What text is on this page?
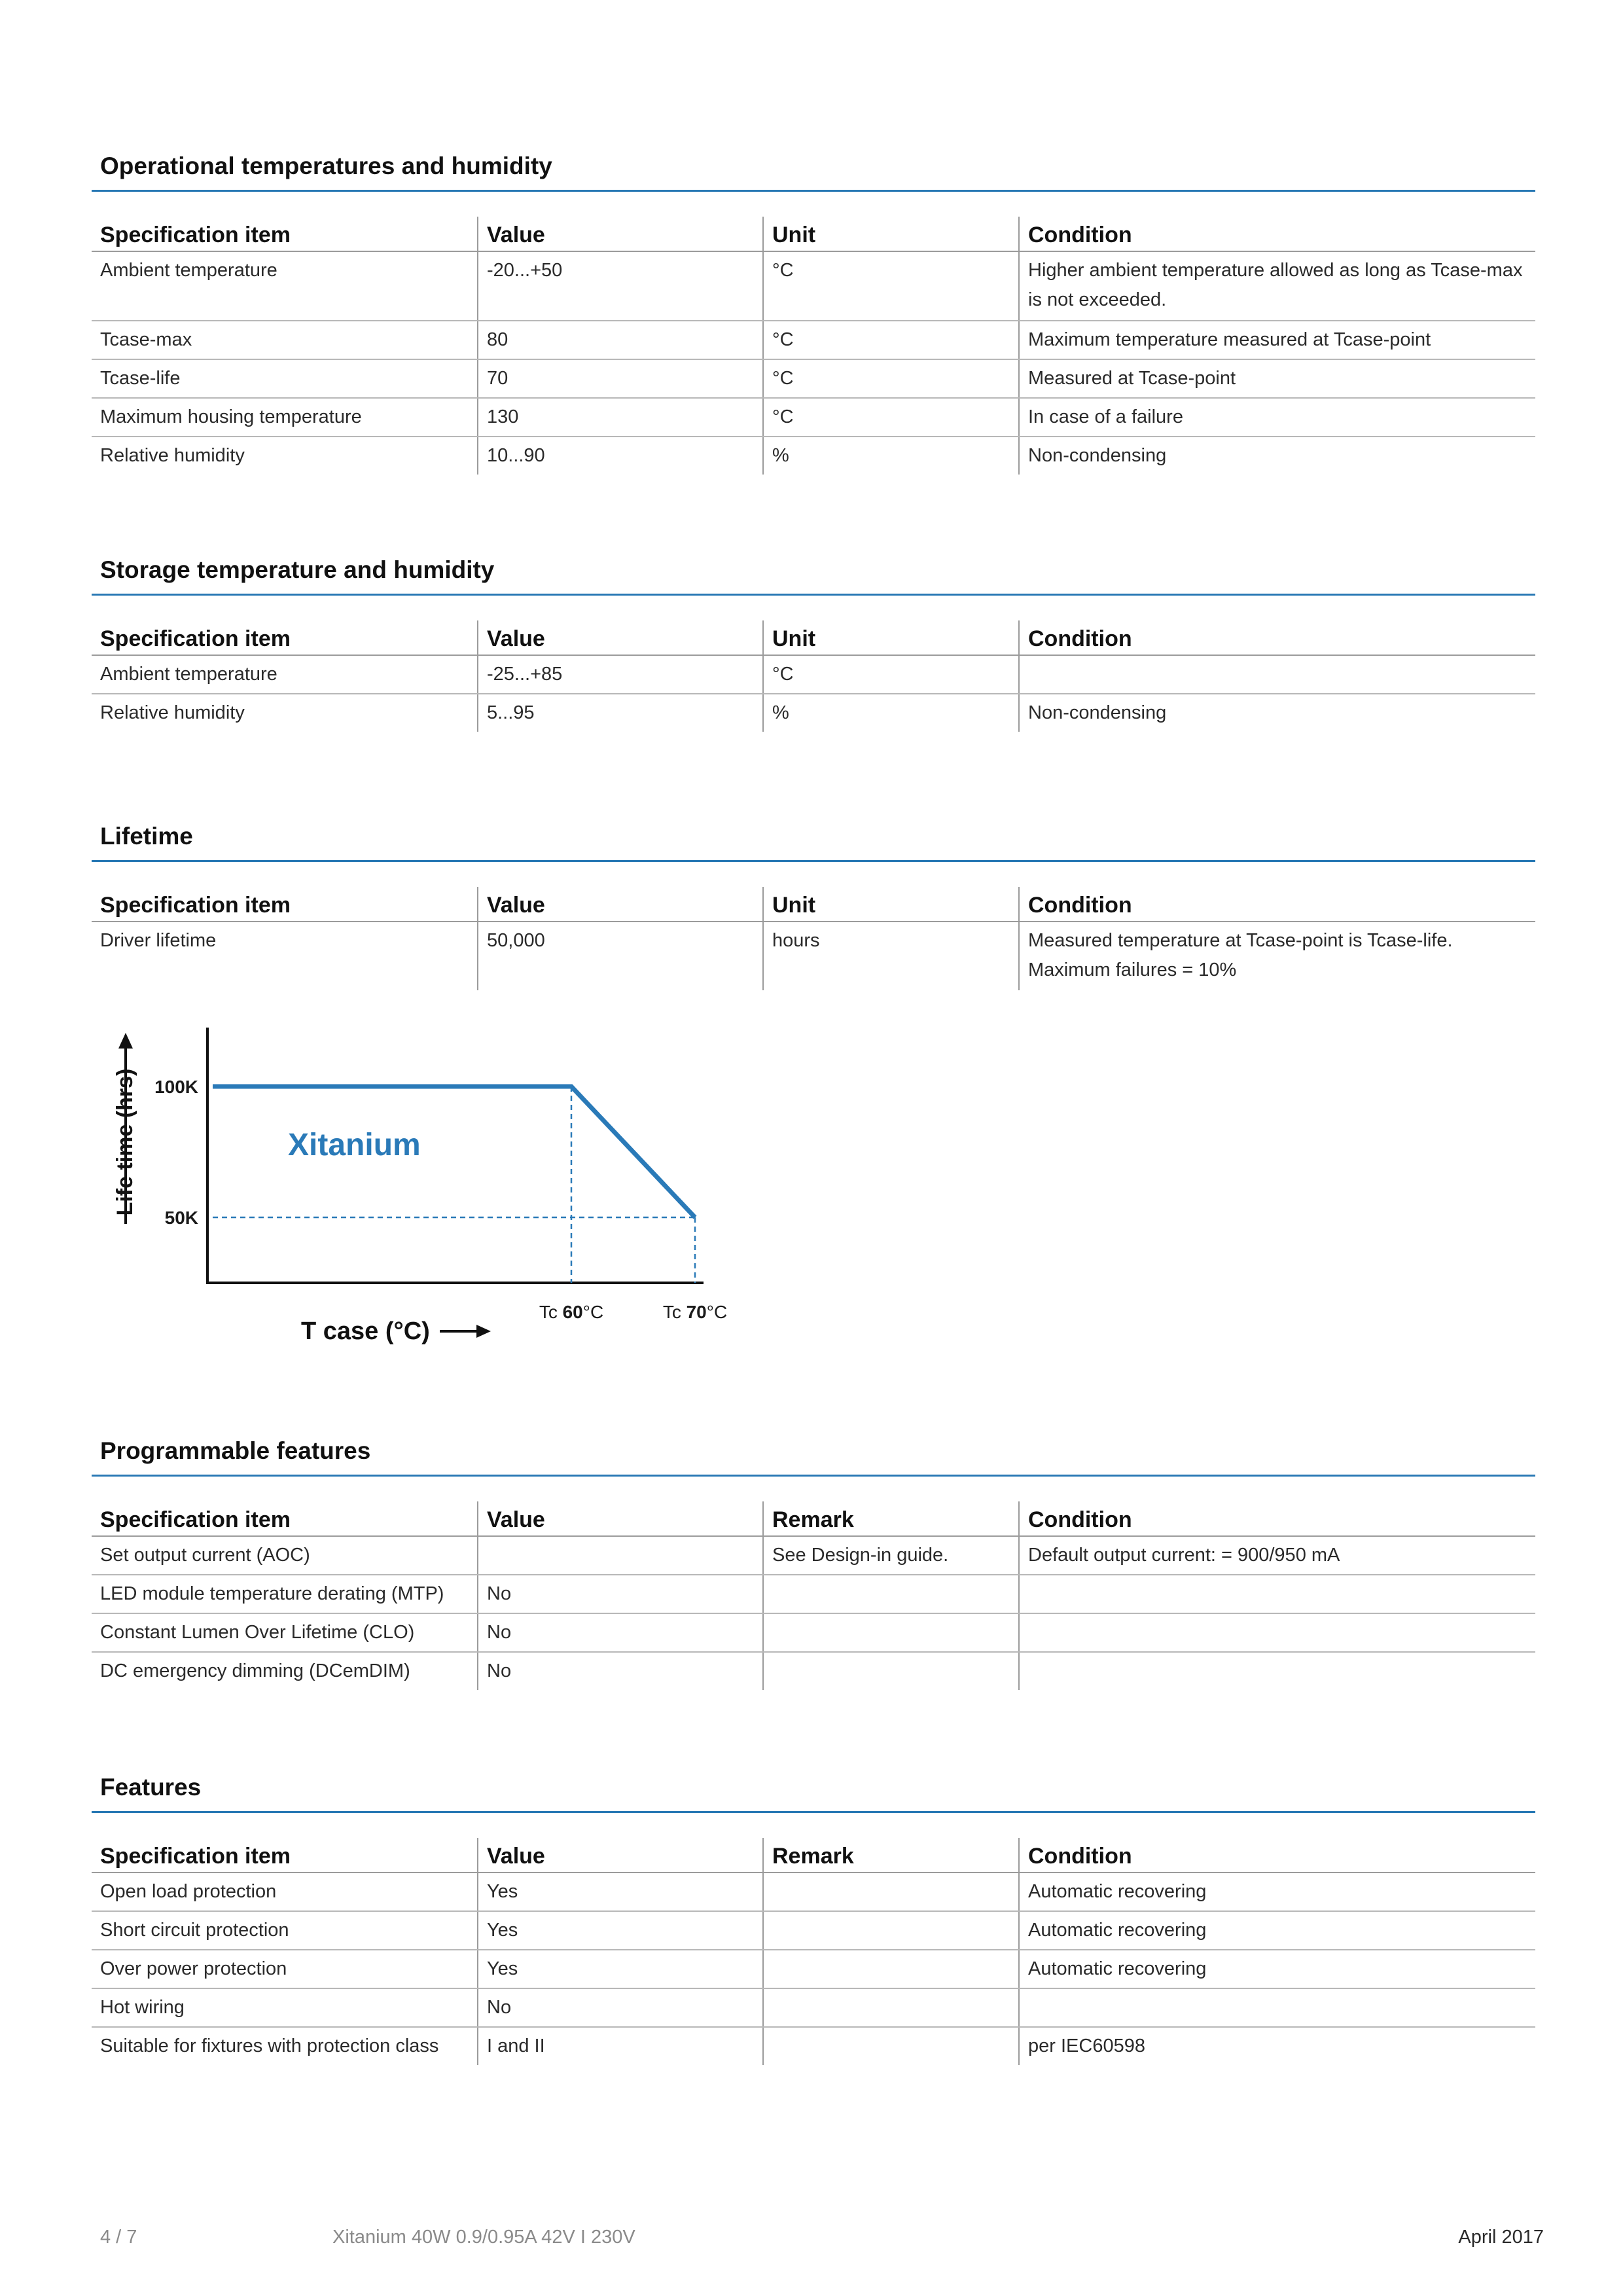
Operational temperatures and humidity
Specification item	Value	Unit	Condition
Ambient temperature	-20...+50	°C	Higher ambient temperature allowed as long as Tcase-max is not exceeded.
Tcase-max	80	°C	Maximum temperature measured at Tcase-point
Tcase-life	70	°C	Measured at Tcase-point
Maximum housing temperature	130	°C	In case of a failure
Relative humidity	10...90	%	Non-condensing
Storage temperature and humidity
Specification item	Value	Unit	Condition
Ambient temperature	-25...+85	°C	
Relative humidity	5...95	%	Non-condensing
Lifetime
Specification item	Value	Unit	Condition
Driver lifetime	50,000	hours	Measured temperature at Tcase-point is Tcase-life. Maximum failures = 10%
Life time (hrs)
T case (°C)
Xitanium
100K
50K
Tc 60°C	Tc 70°C
Programmable features
Specification item	Value	Remark	Condition
Set output current (AOC)		See Design-in guide.	Default output current: = 900/950 mA
LED module temperature derating (MTP)	No		
Constant Lumen Over Lifetime (CLO)	No		
DC emergency dimming (DCemDIM)	No		
Features
Specification item	Value	Remark	Condition
Open load protection	Yes		Automatic recovering
Short circuit protection	Yes		Automatic recovering
Over power protection	Yes		Automatic recovering
Hot wiring	No		
Suitable for fixtures with protection class	I and II		per IEC60598
4 / 7	Xitanium 40W 0.9/0.95A 42V I 230V	April 2017
